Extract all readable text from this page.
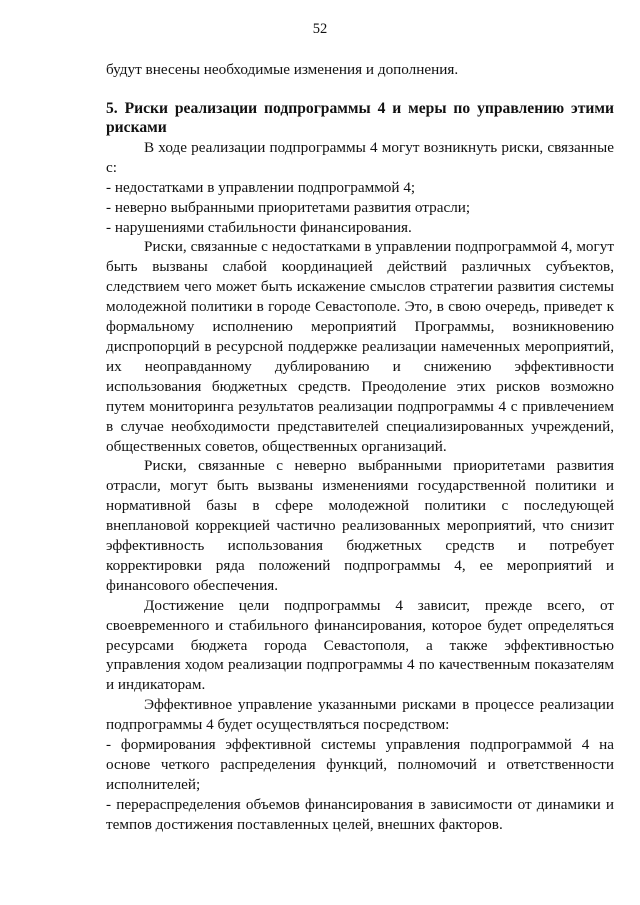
52

будут внесены необходимые изменения и дополнения.

5. Риски реализации подпрограммы 4 и меры по управлению этими рисками

В ходе реализации подпрограммы 4 могут возникнуть риски, связанные с:

- недостатками в управлении подпрограммой 4;

- неверно выбранными приоритетами развития отрасли;

- нарушениями стабильности финансирования.

Риски, связанные с недостатками в управлении подпрограммой 4, могут быть вызваны слабой координацией действий различных субъектов, следствием чего может быть искажение смыслов стратегии развития системы молодежной политики в городе Севастополе. Это, в свою очередь, приведет к формальному исполнению мероприятий Программы, возникновению диспропорций в ресурсной поддержке реализации намеченных мероприятий, их неоправданному дублированию и снижению эффективности использования бюджетных средств. Преодоление этих рисков возможно путем мониторинга результатов реализации подпрограммы 4 с привлечением в случае необходимости представителей специализированных учреждений, общественных советов, общественных организаций.

Риски, связанные с неверно выбранными приоритетами развития отрасли, могут быть вызваны изменениями государственной политики и нормативной базы в сфере молодежной политики с последующей внеплановой коррекцией частично реализованных мероприятий, что снизит эффективность использования бюджетных средств и потребует корректировки ряда положений подпрограммы 4, ее мероприятий и финансового обеспечения.

Достижение цели подпрограммы 4 зависит, прежде всего, от своевременного и стабильного финансирования, которое будет определяться ресурсами бюджета города Севастополя, а также эффективностью управления ходом реализации подпрограммы 4 по качественным показателям и индикаторам.

Эффективное управление указанными рисками в процессе реализации подпрограммы 4 будет осуществляться посредством:

- формирования эффективной системы управления подпрограммой 4 на основе четкого распределения функций, полномочий и ответственности исполнителей;

- перераспределения объемов финансирования в зависимости от динамики и темпов достижения поставленных целей, внешних факторов.
